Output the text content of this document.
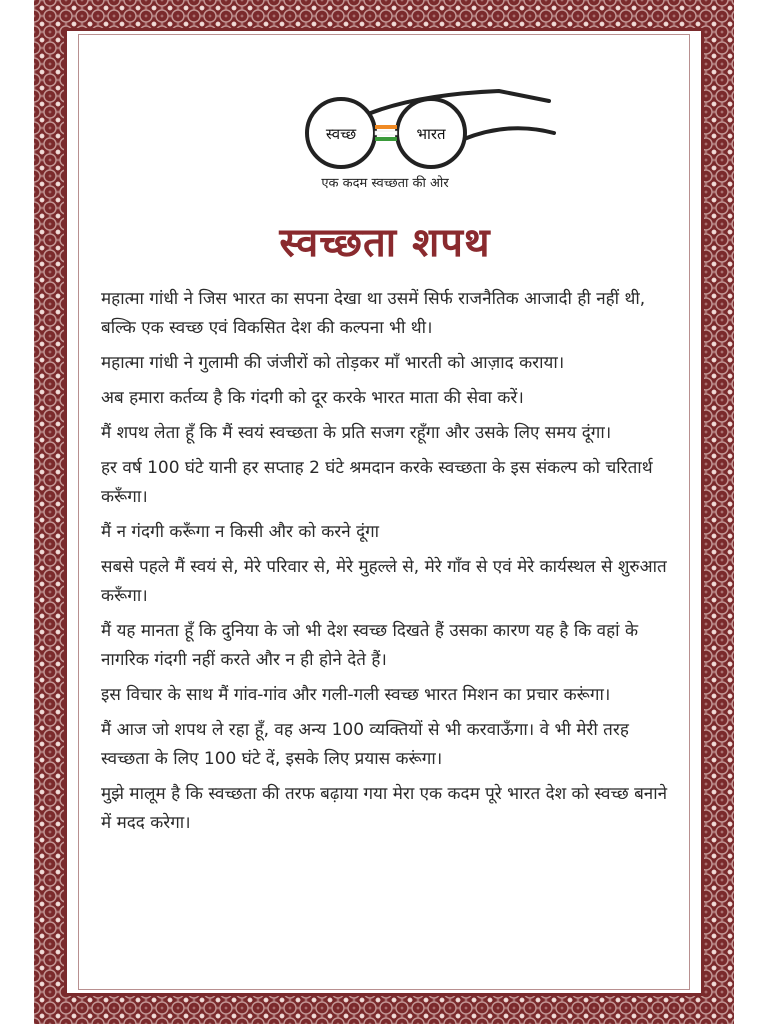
स्वच्छ	भारत
एक कदम स्वच्छता की ओर
स्वच्छता शपथ

महात्मा गांधी ने जिस भारत का सपना देखा था उसमें सिर्फ राजनैतिक आजादी ही नहीं थी, बल्कि एक स्वच्छ एवं विकसित देश की कल्पना भी थी।

महात्मा गांधी ने गुलामी की जंजीरों को तोड़कर माँ भारती को आज़ाद कराया।

अब हमारा कर्तव्य है कि गंदगी को दूर करके भारत माता की सेवा करें।

मैं शपथ लेता हूँ कि मैं स्वयं स्वच्छता के प्रति सजग रहूँगा और उसके लिए समय दूंगा।

हर वर्ष 100 घंटे यानी हर सप्ताह 2 घंटे श्रमदान करके स्वच्छता के इस संकल्प को चरितार्थ करूँगा।

मैं न गंदगी करूँगा न किसी और को करने दूंगा

सबसे पहले मैं स्वयं से, मेरे परिवार से, मेरे मुहल्ले से, मेरे गाँव से एवं मेरे कार्यस्थल से शुरुआत करूँगा।

मैं यह मानता हूँ कि दुनिया के जो भी देश स्वच्छ दिखते हैं उसका कारण यह है कि वहां के नागरिक गंदगी नहीं करते और न ही होने देते हैं।

इस विचार के साथ मैं गांव-गांव और गली-गली स्वच्छ भारत मिशन का प्रचार करूंगा।

मैं आज जो शपथ ले रहा हूँ, वह अन्य 100 व्यक्तियों से भी करवाऊँगा। वे भी मेरी तरह स्वच्छता के लिए 100 घंटे दें, इसके लिए प्रयास करूंगा।

मुझे मालूम है कि स्वच्छता की तरफ बढ़ाया गया मेरा एक कदम पूरे भारत देश को स्वच्छ बनाने में मदद करेगा।
